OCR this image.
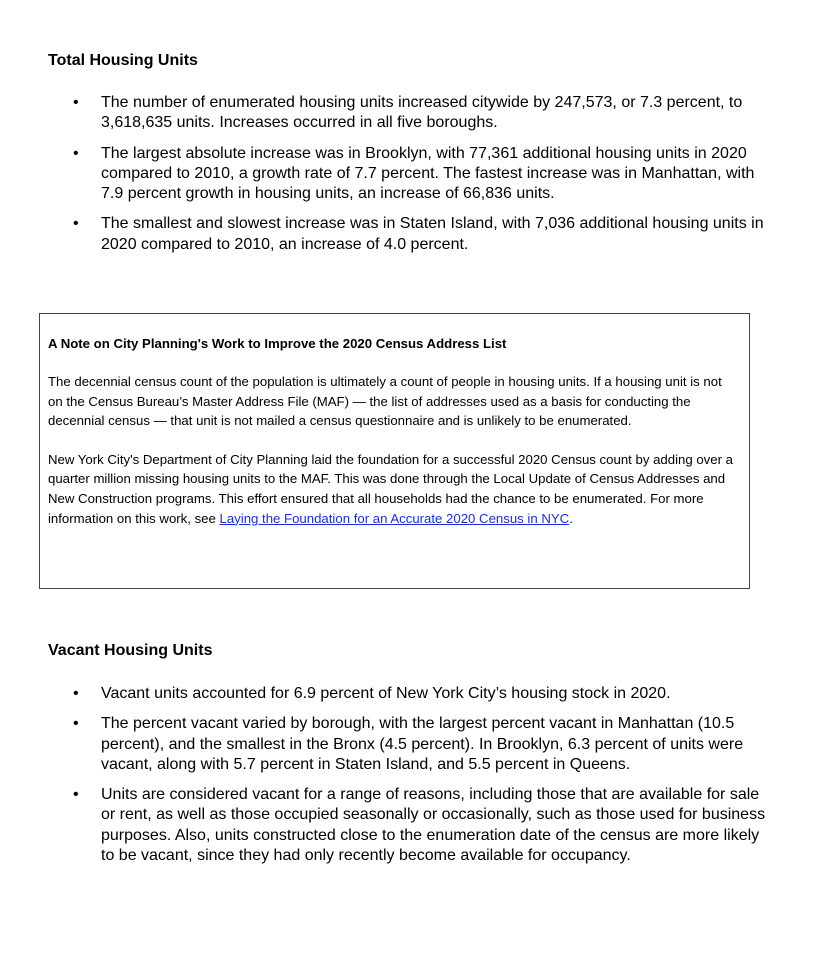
Total Housing Units
• The number of enumerated housing units increased citywide by 247,573, or 7.3 percent, to 3,618,635 units. Increases occurred in all five boroughs.
• The largest absolute increase was in Brooklyn, with 77,361 additional housing units in 2020 compared to 2010, a growth rate of 7.7 percent. The fastest increase was in Manhattan, with 7.9 percent growth in housing units, an increase of 66,836 units.
• The smallest and slowest increase was in Staten Island, with 7,036 additional housing units in 2020 compared to 2010, an increase of 4.0 percent.

A Note on City Planning's Work to Improve the 2020 Census Address List

The decennial census count of the population is ultimately a count of people in housing units. If a housing unit is not on the Census Bureau’s Master Address File (MAF) — the list of addresses used as a basis for conducting the decennial census — that unit is not mailed a census questionnaire and is unlikely to be enumerated.

New York City's Department of City Planning laid the foundation for a successful 2020 Census count by adding over a quarter million missing housing units to the MAF. This was done through the Local Update of Census Addresses and New Construction programs. This effort ensured that all households had the chance to be enumerated. For more information on this work, see Laying the Foundation for an Accurate 2020 Census in NYC.

Vacant Housing Units
• Vacant units accounted for 6.9 percent of New York City’s housing stock in 2020.
• The percent vacant varied by borough, with the largest percent vacant in Manhattan (10.5 percent), and the smallest in the Bronx (4.5 percent). In Brooklyn, 6.3 percent of units were vacant, along with 5.7 percent in Staten Island, and 5.5 percent in Queens.
• Units are considered vacant for a range of reasons, including those that are available for sale or rent, as well as those occupied seasonally or occasionally, such as those used for business purposes. Also, units constructed close to the enumeration date of the census are more likely to be vacant, since they had only recently become available for occupancy.
